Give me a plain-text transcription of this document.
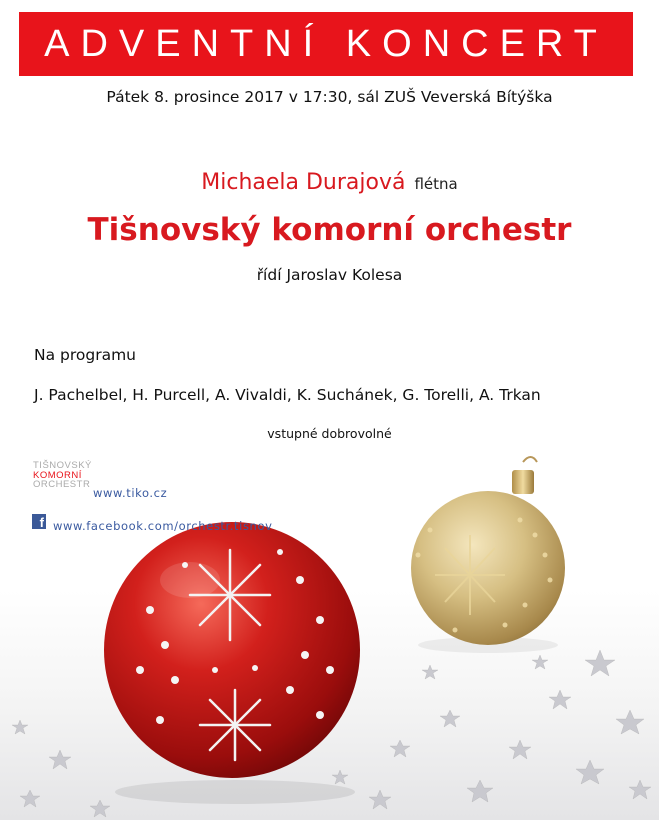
ADVENTNÍ KONCERT
Pátek 8. prosince 2017 v 17:30, sál ZUŠ Veverská Bítýška
Michaela Durajová flétna
Tišnovský komorní orchestr
řídí Jaroslav Kolesa
Na programu
J. Pachelbel, H. Purcell, A. Vivaldi, K. Suchánek, G. Torelli, A. Trkan
vstupné dobrovolné
TIŠNOVSKÝ
KOMORNÍ
ORCHESTR
www.tiko.cz
f www.facebook.com/orchestr.tisnov
